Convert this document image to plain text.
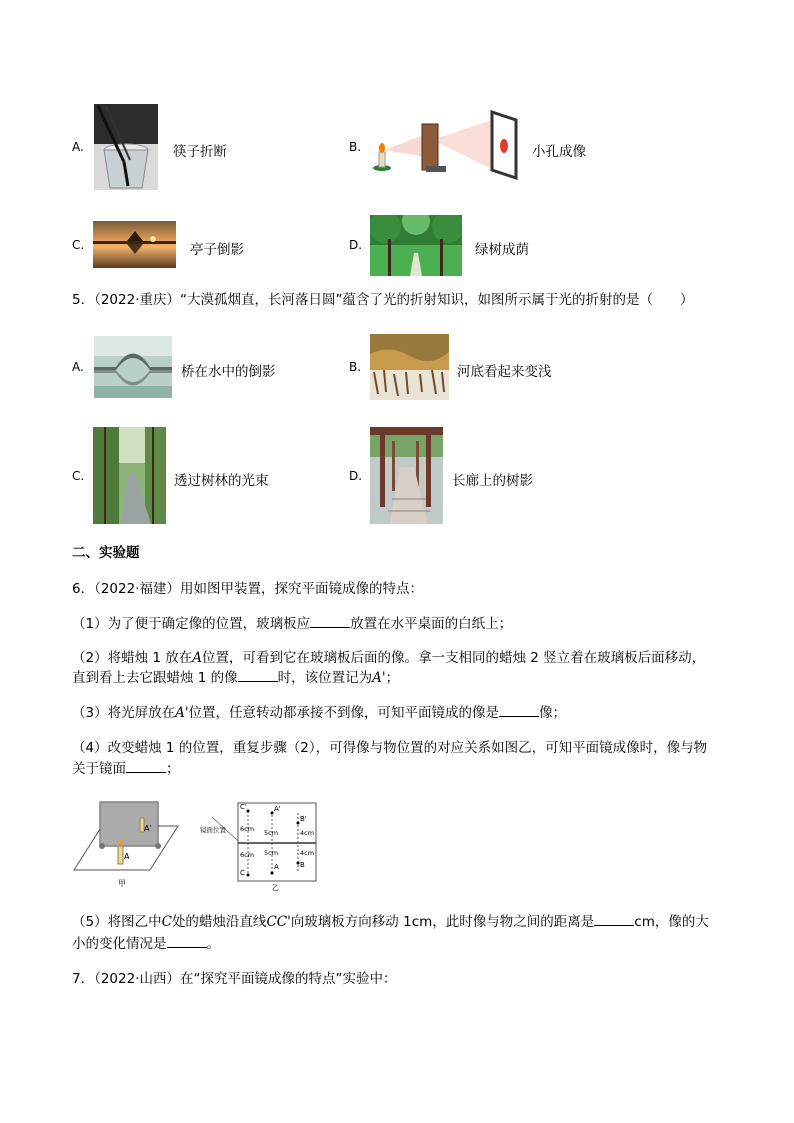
A.	筷子折断	B.	小孔成像
C.	亭子倒影	D.	绿树成荫
5．（2022·重庆）“大漠孤烟直，长河落日圆”蕴含了光的折射知识，如图所示属于光的折射的是（　　）
A.	桥在水中的倒影	B.	河底看起来变浅
C.	透过树林的光束	D.	长廊上的树影
二、实验题
6．（2022·福建）用如图甲装置，探究平面镜成像的特点：
（1）为了便于确定像的位置，玻璃板应	放置在水平桌面的白纸上；
（2）将蜡烛 1 放在A位置，可看到它在玻璃板后面的像。拿一支相同的蜡烛 2 竖立着在玻璃板后面移动，
直到看上去它跟蜡烛 1 的像	时，该位置记为A'；
（3）将光屏放在A'位置，任意转动都承接不到像，可知平面镜成的像是	像；
（4）改变蜡烛 1 的位置，重复步骤（2），可得像与物位置的对应关系如图乙，可知平面镜成像时，像与物
关于镜面	；
A'
A
甲
镜面位置
C'	A'
B'
6cm 5cm	4cm
6cm 5cm	4cm
C
A	B
乙
（5）将图乙中C处的蜡烛沿直线CC'向玻璃板方向移动 1cm，此时像与物之间的距离是	cm，像的大
小的变化情况是	。
7．（2022·山西）在“探究平面镜成像的特点”实验中：
